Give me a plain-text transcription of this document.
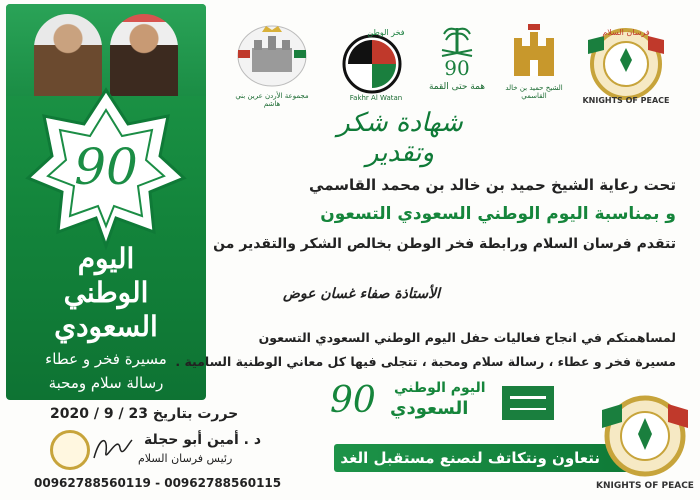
90
اليوم
الوطني
السعودي
مسيرة فخر و عطاء
رسالة سلام ومحبة
مجموعة الأردن عرين بني هاشم
فخر الوطن
Fakhr Al Watan
90
همة حتى القمة	الشيخ حميد بن خالد القاسمي
فرسان السلام
KNIGHTS OF PEACE
شهادة شكر وتقدير
تحت رعاية الشيخ حميد بن خالد بن محمد القاسمي
و بمناسبة اليوم الوطني السعودي التسعون
تتقدم فرسان السلام ورابطة فخر الوطن بخالص الشكر والتقدير من
الأستاذة صفاء غسان عوض
لمساهمتكم في انجاح فعاليات حفل اليوم الوطني السعودي التسعون
مسيرة فخر و عطاء ، رسالة سلام ومحبة ، تتجلى فيها كل معاني الوطنية السامية .
90 اليوم الوطني
السعودي
حررت بتاريخ 23 / 9 / 2020
د . أمين أبو حجلة
رئيس فرسان السلام
00962788560119 - 00962788560115
نتعاون ونتكاتف لنصنع مستقبل الغد
KNIGHTS OF PEACE
